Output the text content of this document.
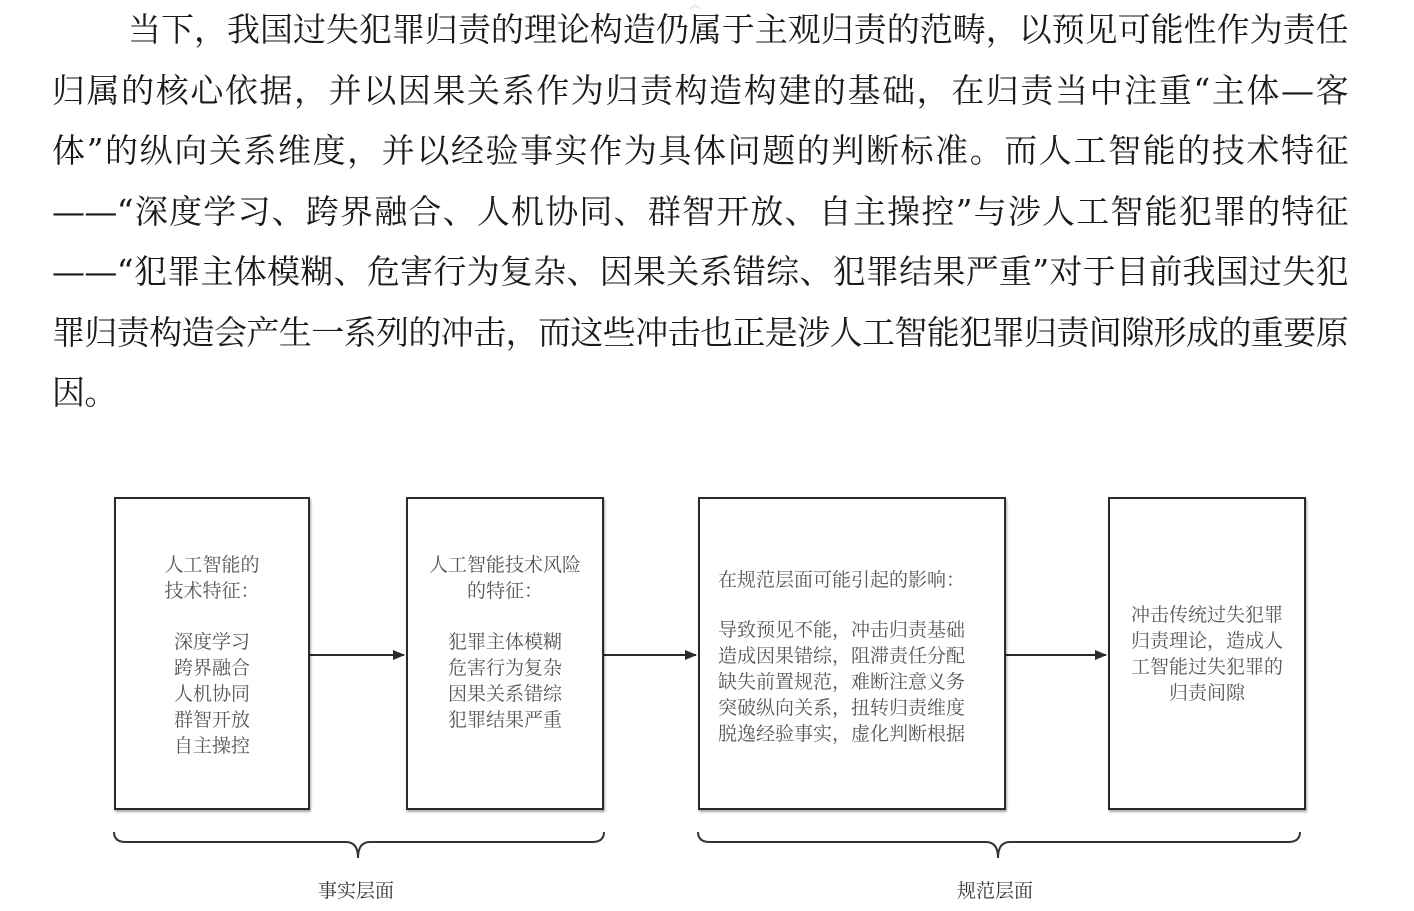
︽

当下，我国过失犯罪归责的理论构造仍属于主观归责的范畴，以预见可能性作为责任归属的核心依据，并以因果关系作为归责构造构建的基础，在归责当中注重“主体—客体”的纵向关系维度，并以经验事实作为具体问题的判断标准。而人工智能的技术特征——“深度学习、跨界融合、人机协同、群智开放、自主操控”与涉人工智能犯罪的特征——“犯罪主体模糊、危害行为复杂、因果关系错综、犯罪结果严重”对于目前我国过失犯罪归责构造会产生一系列的冲击，而这些冲击也正是涉人工智能犯罪归责间隙形成的重要原因。

人工智能的
技术特征：

深度学习
跨界融合
人机协同
群智开放
自主操控

人工智能技术风险
的特征：

犯罪主体模糊
危害行为复杂
因果关系错综
犯罪结果严重

在规范层面可能引起的影响：

导致预见不能，冲击归责基础
造成因果错综，阻滞责任分配
缺失前置规范，难断注意义务
突破纵向关系，扭转归责维度
脱逸经验事实，虚化判断根据

冲击传统过失犯罪
归责理论，造成人
工智能过失犯罪的
归责间隙

事实层面	规范层面
